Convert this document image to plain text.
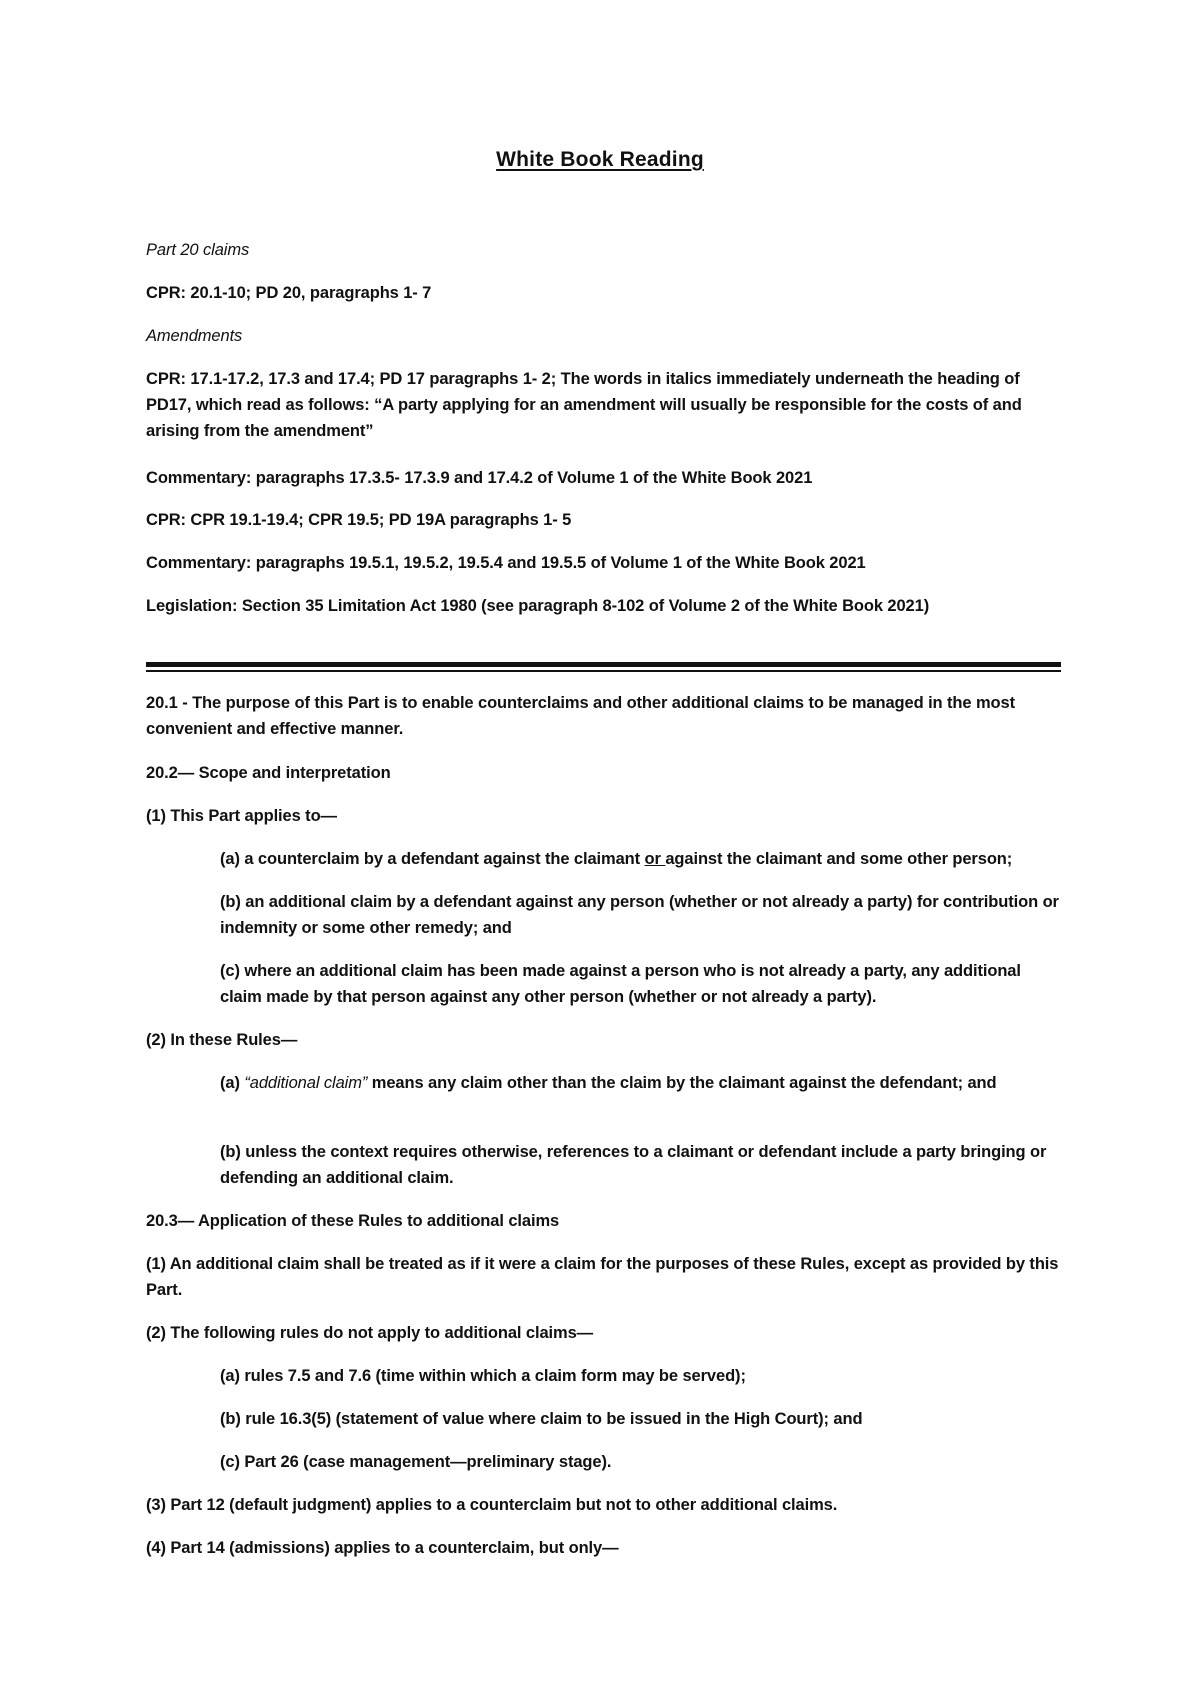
White Book Reading
Part 20 claims
CPR: 20.1-10; PD 20, paragraphs 1- 7
Amendments
CPR: 17.1-17.2, 17.3 and 17.4; PD 17 paragraphs 1- 2; The words in italics immediately underneath the heading of PD17, which read as follows: “A party applying for an amendment will usually be responsible for the costs of and arising from the amendment”
Commentary: paragraphs 17.3.5- 17.3.9 and 17.4.2 of Volume 1 of the White Book 2021
CPR: CPR 19.1-19.4; CPR 19.5; PD 19A paragraphs 1- 5
Commentary: paragraphs 19.5.1, 19.5.2, 19.5.4 and 19.5.5 of Volume 1 of the White Book 2021
Legislation: Section 35 Limitation Act 1980 (see paragraph 8-102 of Volume 2 of the White Book 2021)
20.1 - The purpose of this Part is to enable counterclaims and other additional claims to be managed in the most convenient and effective manner.
20.2— Scope and interpretation
(1) This Part applies to—
(a) a counterclaim by a defendant against the claimant or against the claimant and some other person;
(b) an additional claim by a defendant against any person (whether or not already a party) for contribution or indemnity or some other remedy; and
(c) where an additional claim has been made against a person who is not already a party, any additional claim made by that person against any other person (whether or not already a party).
(2) In these Rules—
(a) “additional claim” means any claim other than the claim by the claimant against the defendant; and
(b) unless the context requires otherwise, references to a claimant or defendant include a party bringing or defending an additional claim.
20.3— Application of these Rules to additional claims
(1) An additional claim shall be treated as if it were a claim for the purposes of these Rules, except as provided by this Part.
(2) The following rules do not apply to additional claims—
(a) rules 7.5 and 7.6 (time within which a claim form may be served);
(b) rule 16.3(5) (statement of value where claim to be issued in the High Court); and
(c) Part 26 (case management—preliminary stage).
(3) Part 12 (default judgment) applies to a counterclaim but not to other additional claims.
(4) Part 14 (admissions) applies to a counterclaim, but only—
